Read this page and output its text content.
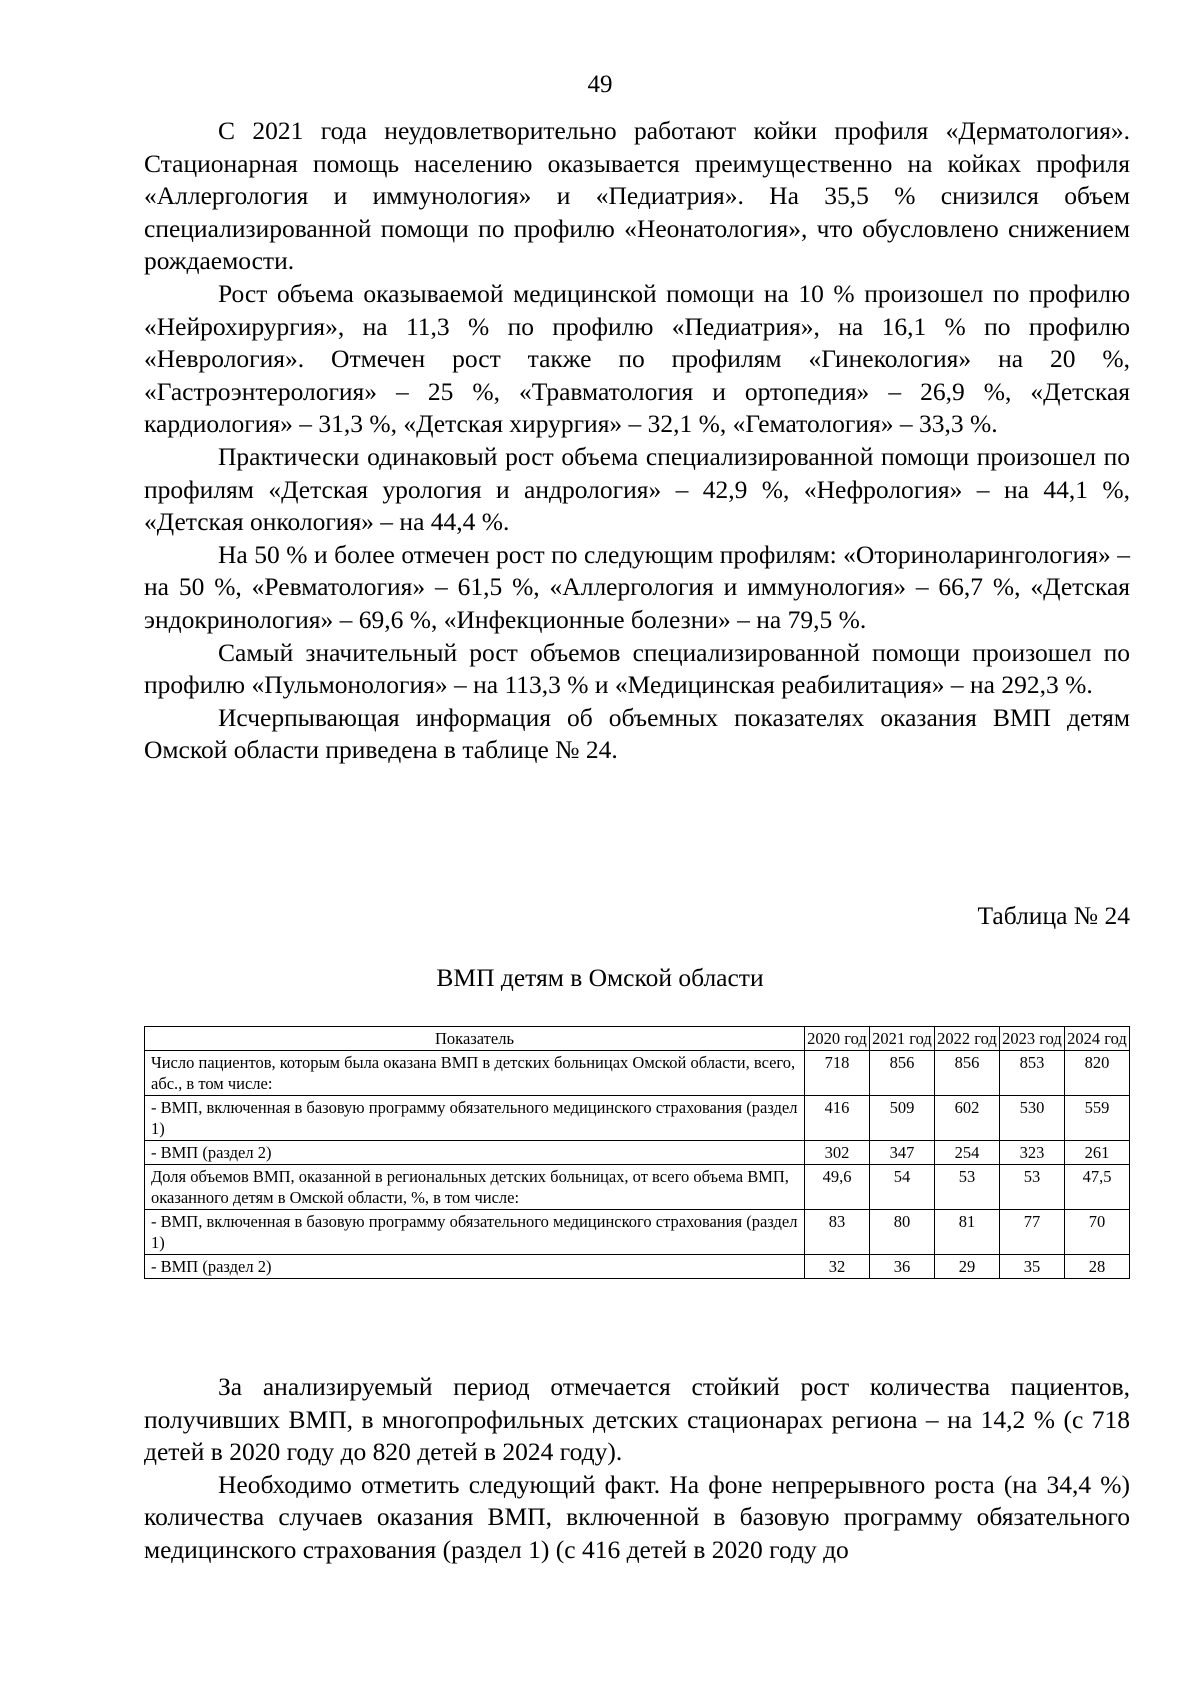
49

С 2021 года неудовлетворительно работают койки профиля «Дерматология». Стационарная помощь населению оказывается преимущественно на койках профиля «Аллергология и иммунология» и «Педиатрия». На 35,5 % снизился объем специализированной помощи по профилю «Неонатология», что обусловлено снижением рождаемости.

Рост объема оказываемой медицинской помощи на 10 % произошел по профилю «Нейрохирургия», на 11,3 % по профилю «Педиатрия», на 16,1 % по профилю «Неврология». Отмечен рост также по профилям «Гинекология» на 20 %, «Гастроэнтерология» – 25 %, «Травматология и ортопедия» – 26,9 %, «Детская кардиология» – 31,3 %, «Детская хирургия» – 32,1 %, «Гематология» – 33,3 %.

Практически одинаковый рост объема специализированной помощи произошел по профилям «Детская урология и андрология» – 42,9 %, «Нефрология» – на 44,1 %, «Детская онкология» – на 44,4 %.

На 50 % и более отмечен рост по следующим профилям: «Оториноларингология» – на 50 %, «Ревматология» – 61,5 %, «Аллергология и иммунология» – 66,7 %, «Детская эндокринология» – 69,6 %, «Инфекционные болезни» – на 79,5 %.

Самый значительный рост объемов специализированной помощи произошел по профилю «Пульмонология» – на 113,3 % и «Медицинская реабилитация» – на 292,3 %.

Исчерпывающая информация об объемных показателях оказания ВМП детям Омской области приведена в таблице № 24.

Таблица № 24
ВМП детям в Омской области
Показатель	2020 год	2021 год	2022 год	2023 год	2024 год
Число пациентов, которым была оказана ВМП в детских больницах Омской области, всего, абс., в том числе:	718	856	856	853	820
- ВМП, включенная в базовую программу обязательного медицинского страхования (раздел 1)	416	509	602	530	559
- ВМП (раздел 2)	302	347	254	323	261
Доля объемов ВМП, оказанной в региональных детских больницах, от всего объема ВМП, оказанного детям в Омской области, %, в том числе:	49,6	54	53	53	47,5
- ВМП, включенная в базовую программу обязательного медицинского страхования (раздел 1)	83	80	81	77	70
- ВМП (раздел 2)	32	36	29	35	28

За анализируемый период отмечается стойкий рост количества пациентов, получивших ВМП, в многопрофильных детских стационарах региона – на 14,2 % (с 718 детей в 2020 году до 820 детей в 2024 году).

Необходимо отметить следующий факт. На фоне непрерывного роста (на 34,4 %) количества случаев оказания ВМП, включенной в базовую программу обязательного медицинского страхования (раздел 1) (с 416 детей в 2020 году до
